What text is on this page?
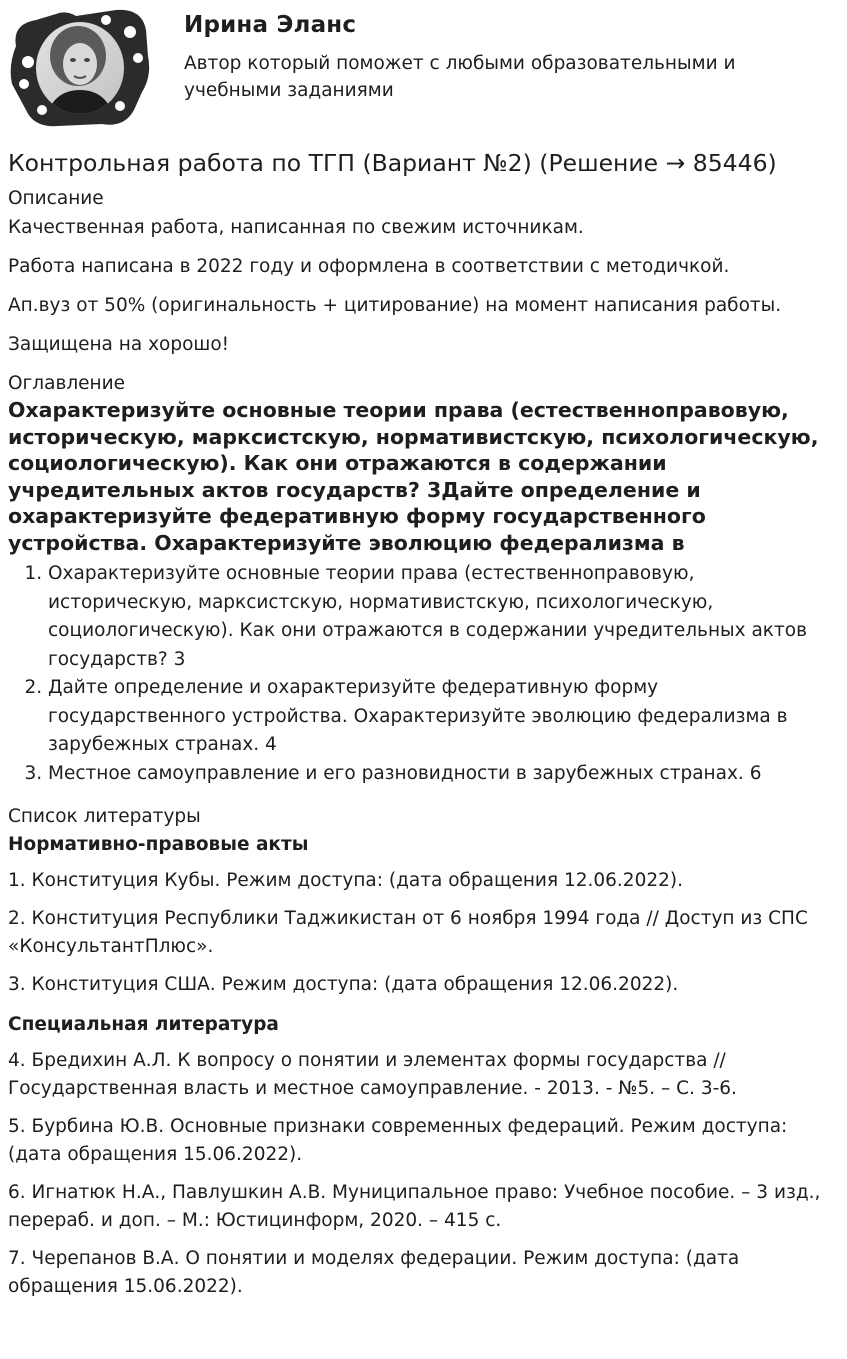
Ирина Эланс
Автор который поможет с любыми образовательными и учебными заданиями
Контрольная работа по ТГП (Вариант №2) (Решение → 85446)
Описание

Качественная работа, написанная по свежим источникам.

Работа написана в 2022 году и оформлена в соответствии с методичкой.

Ап.вуз от 50% (оригинальность + цитирование) на момент написания работы.

Защищена на хорошо!

Оглавление
Охарактеризуйте основные теории права (естественноправовую, историческую, марксистскую, нормативистскую, психологическую, социологическую). Как они отражаются в содержании учредительных актов государств? 3Дайте определение и охарактеризуйте федеративную форму государственного устройства. Охарактеризуйте эволюцию федерализма в
1. Охарактеризуйте основные теории права (естественноправовую, историческую, марксистскую, нормативистскую, психологическую, социологическую). Как они отражаются в содержании учредительных актов государств? 3
2. Дайте определение и охарактеризуйте федеративную форму государственного устройства. Охарактеризуйте эволюцию федерализма в зарубежных странах. 4
3. Местное самоуправление и его разновидности в зарубежных странах. 6
Список литературы
Нормативно-правовые акты
1. Конституция Кубы. Режим доступа: (дата обращения 12.06.2022).
2. Конституция Республики Таджикистан от 6 ноября 1994 года // Доступ из СПС «КонсультантПлюс».
3. Конституция США. Режим доступа: (дата обращения 12.06.2022).
Специальная литература
4. Бредихин А.Л. К вопросу о понятии и элементах формы государства // Государственная власть и местное самоуправление. - 2013. - №5. – С. 3-6.
5. Бурбина Ю.В. Основные признаки современных федераций. Режим доступа: (дата обращения 15.06.2022).
6. Игнатюк Н.А., Павлушкин А.В. Муниципальное право: Учебное пособие. – 3 изд., перераб. и доп. – М.: Юстицинформ, 2020. – 415 с.
7. Черепанов В.А. О понятии и моделях федерации. Режим доступа: (дата обращения 15.06.2022).
